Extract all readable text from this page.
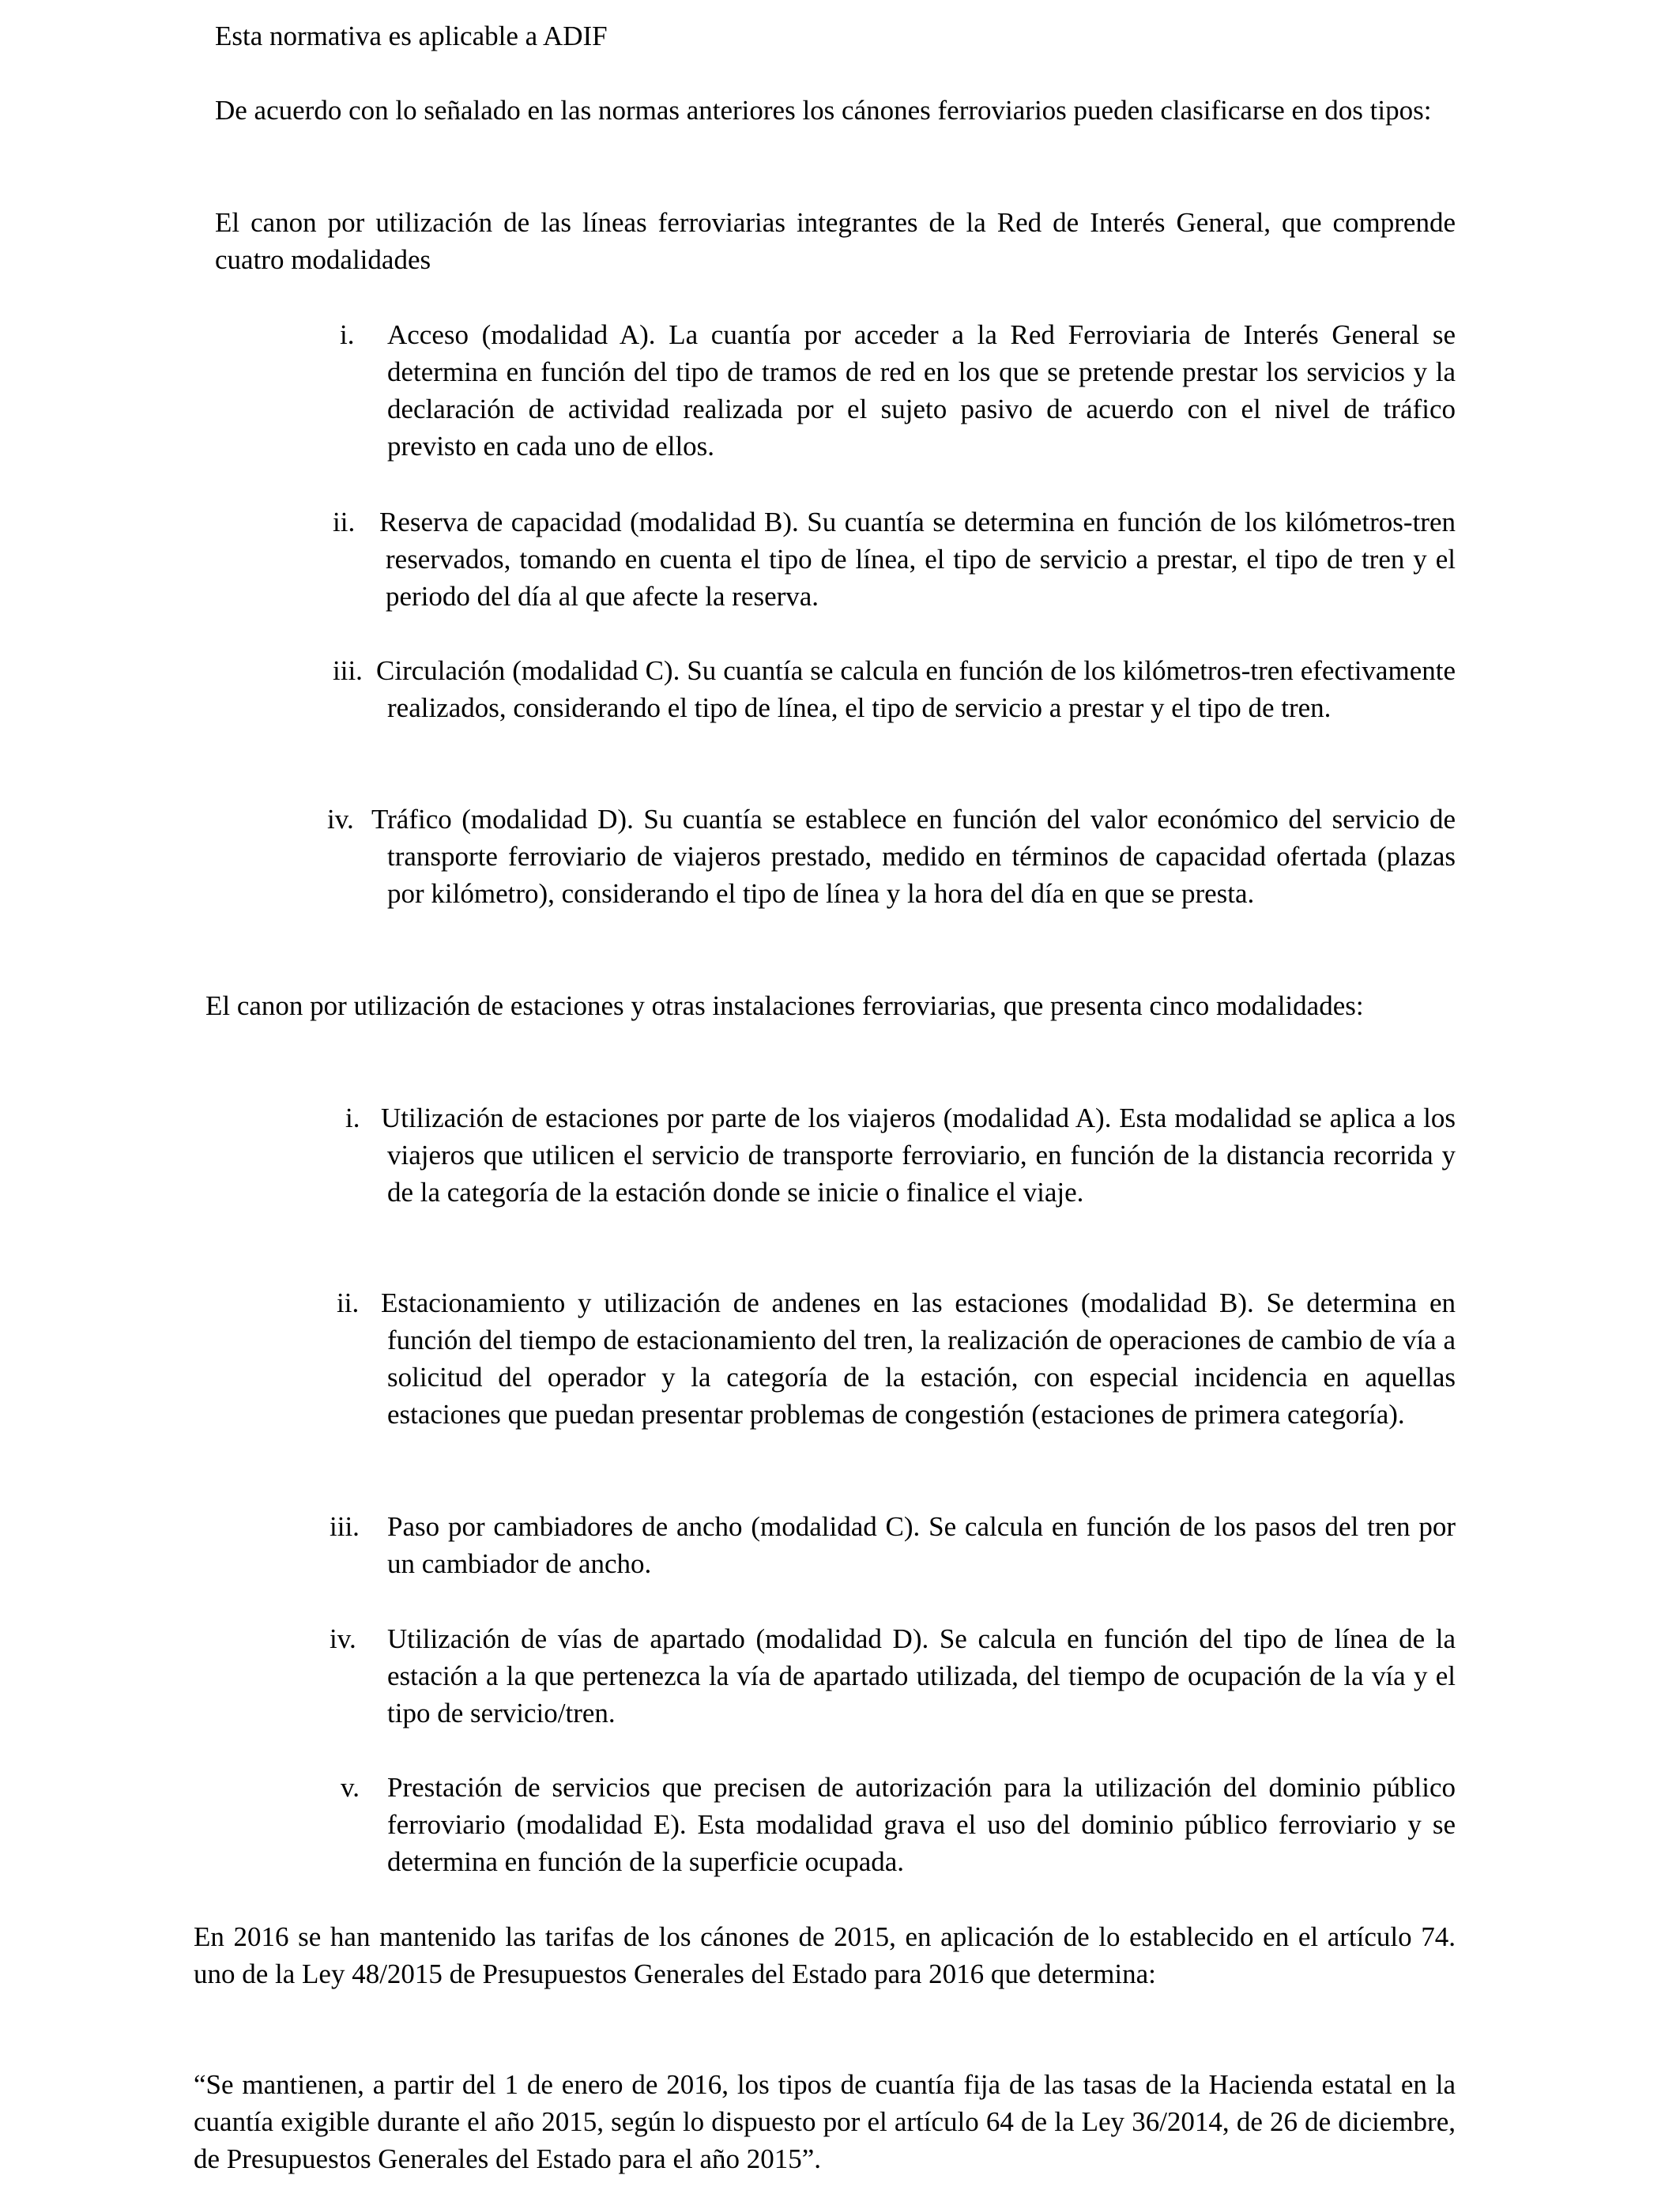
Esta normativa es aplicable a ADIF

De acuerdo con lo señalado en las normas anteriores los cánones ferroviarios pueden clasificarse en dos tipos:

El canon por utilización de las líneas ferroviarias integrantes de la Red de Interés General, que comprende cuatro modalidades

i. Acceso (modalidad A). La cuantía por acceder a la Red Ferroviaria de Interés General se determina en función del tipo de tramos de red en los que se pretende prestar los servicios y la declaración de actividad realizada por el sujeto pasivo de acuerdo con el nivel de tráfico previsto en cada uno de ellos.

ii. Reserva de capacidad (modalidad B). Su cuantía se determina en función de los kilómetros-tren reservados, tomando en cuenta el tipo de línea, el tipo de servicio a prestar, el tipo de tren y el periodo del día al que afecte la reserva.

iii. Circulación (modalidad C). Su cuantía se calcula en función de los kilómetros-tren efectivamente realizados, considerando el tipo de línea, el tipo de servicio a prestar y el tipo de tren.

iv. Tráfico (modalidad D). Su cuantía se establece en función del valor económico del servicio de transporte ferroviario de viajeros prestado, medido en términos de capacidad ofertada (plazas por kilómetro), considerando el tipo de línea y la hora del día en que se presta.

El canon por utilización de estaciones y otras instalaciones ferroviarias, que presenta cinco modalidades:

i. Utilización de estaciones por parte de los viajeros (modalidad A). Esta modalidad se aplica a los viajeros que utilicen el servicio de transporte ferroviario, en función de la distancia recorrida y de la categoría de la estación donde se inicie o finalice el viaje.

ii. Estacionamiento y utilización de andenes en las estaciones (modalidad B). Se determina en función del tiempo de estacionamiento del tren, la realización de operaciones de cambio de vía a solicitud del operador y la categoría de la estación, con especial incidencia en aquellas estaciones que puedan presentar problemas de congestión (estaciones de primera categoría).

iii. Paso por cambiadores de ancho (modalidad C). Se calcula en función de los pasos del tren por un cambiador de ancho.

iv. Utilización de vías de apartado (modalidad D). Se calcula en función del tipo de línea de la estación a la que pertenezca la vía de apartado utilizada, del tiempo de ocupación de la vía y el tipo de servicio/tren.

v. Prestación de servicios que precisen de autorización para la utilización del dominio público ferroviario (modalidad E). Esta modalidad grava el uso del dominio público ferroviario y se determina en función de la superficie ocupada.

En 2016 se han mantenido las tarifas de los cánones de 2015, en aplicación de lo establecido en el artículo 74. uno de la Ley 48/2015 de Presupuestos Generales del Estado para 2016 que determina:

“Se mantienen, a partir del 1 de enero de 2016, los tipos de cuantía fija de las tasas de la Hacienda estatal en la cuantía exigible durante el año 2015, según lo dispuesto por el artículo 64 de la Ley 36/2014, de 26 de diciembre, de Presupuestos Generales del Estado para el año 2015”.
